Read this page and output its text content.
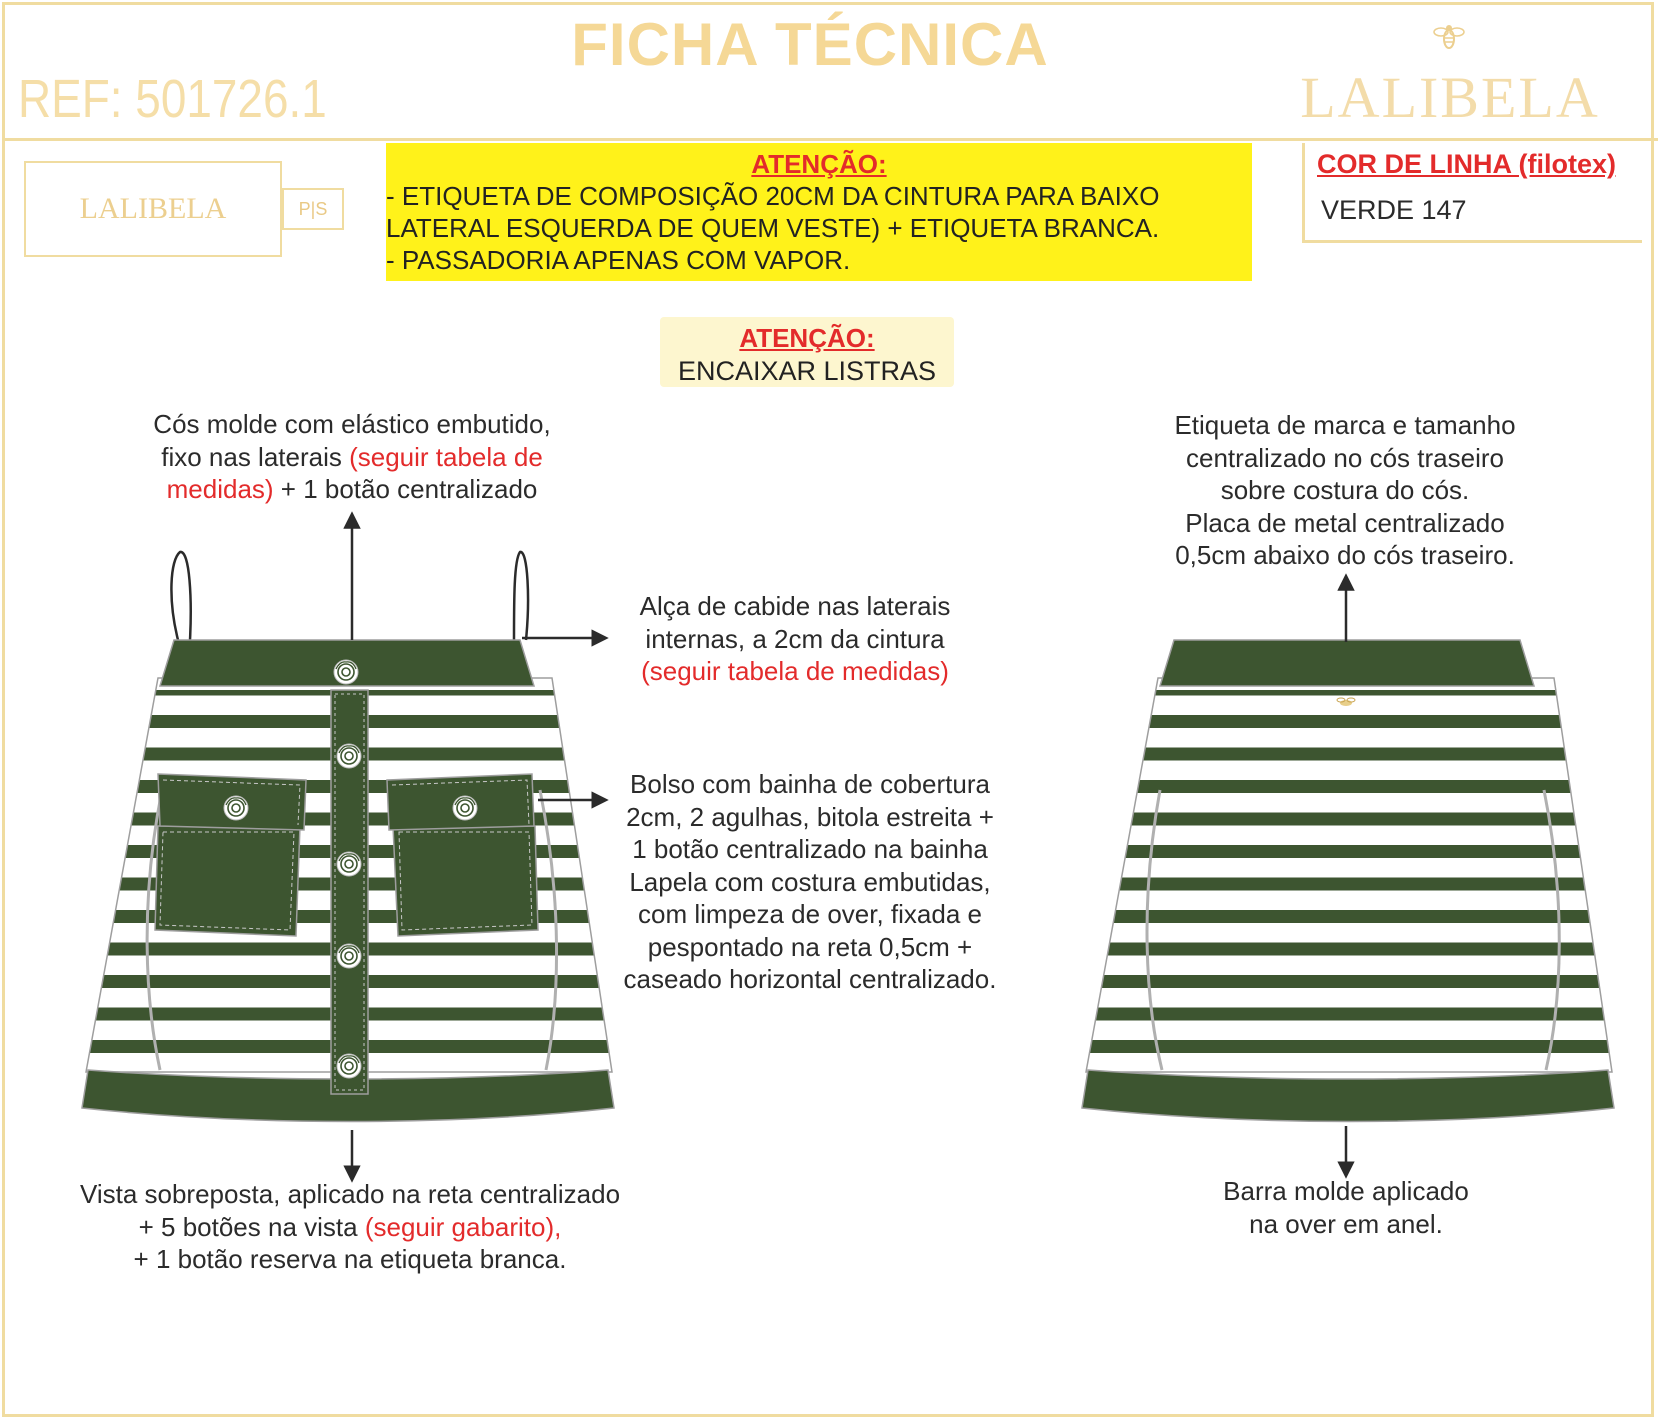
FICHA TÉCNICA
REF: 501726.1	LALIBELA
LALIBELA	P|S
ATENÇÃO:
- ETIQUETA DE COMPOSIÇÃO 20CM DA CINTURA PARA BAIXO
LATERAL ESQUERDA DE QUEM VESTE) + ETIQUETA BRANCA.
- PASSADORIA APENAS COM VAPOR.
COR DE LINHA (filotex)
VERDE 147
ATENÇÃO:
ENCAIXAR LISTRAS
Cós molde com elástico embutido,
fixo nas laterais (seguir tabela de
medidas) + 1 botão centralizado
Alça de cabide nas laterais
internas, a 2cm da cintura
(seguir tabela de medidas)
Bolso com bainha de cobertura
2cm, 2 agulhas, bitola estreita +
1 botão centralizado na bainha
Lapela com costura embutidas,
com limpeza de over, fixada e
pespontado na reta 0,5cm +
caseado horizontal centralizado.
Vista sobreposta, aplicado na reta centralizado
+ 5 botões na vista (seguir gabarito),
+ 1 botão reserva na etiqueta branca.
Etiqueta de marca e tamanho
centralizado no cós traseiro
sobre costura do cós.
Placa de metal centralizado
0,5cm abaixo do cós traseiro.
Barra molde aplicado
na over em anel.
